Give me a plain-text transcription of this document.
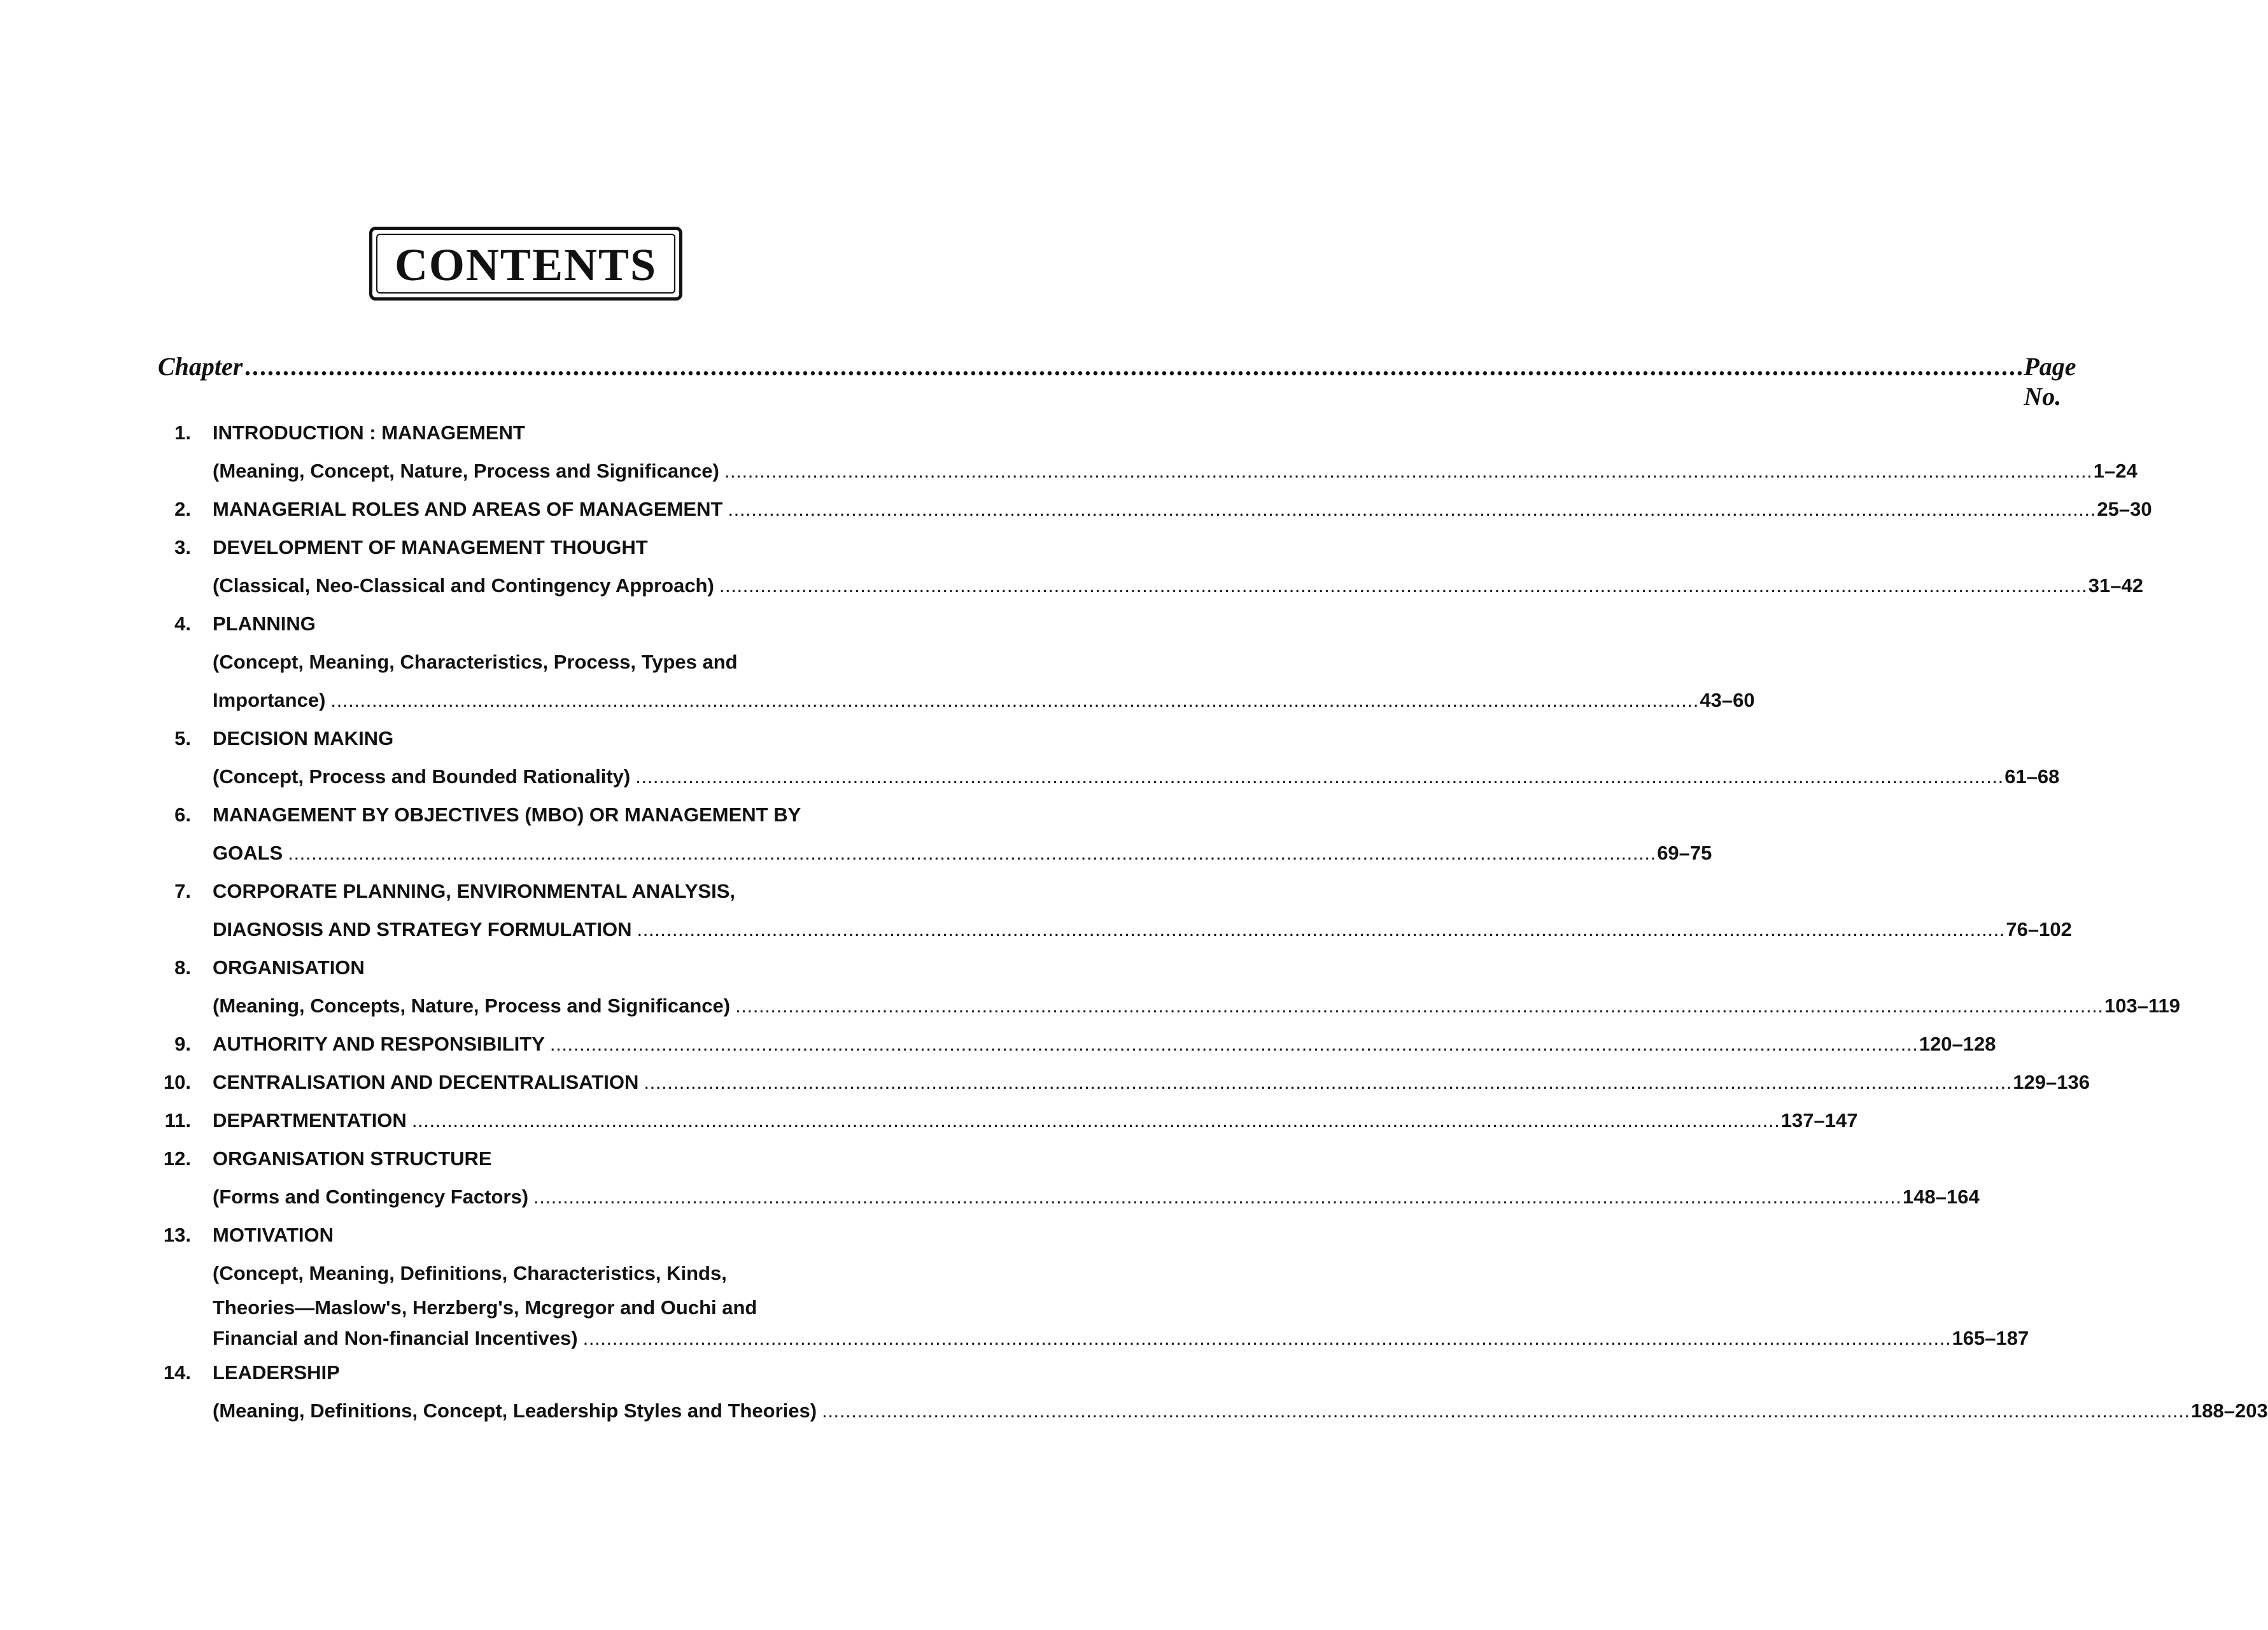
CONTENTS
Chapter . . .	Page No.
1. INTRODUCTION : MANAGEMENT
(Meaning, Concept, Nature, Process and Significance) . . .	1–24
2. MANAGERIAL ROLES AND AREAS OF MANAGEMENT . . .	25–30
3. DEVELOPMENT OF MANAGEMENT THOUGHT
(Classical, Neo-Classical and Contingency Approach) . . .	31–42
4. PLANNING
(Concept, Meaning, Characteristics, Process, Types and
Importance) . . .	43–60
5. DECISION MAKING
(Concept, Process and Bounded Rationality) . . .	61–68
6. MANAGEMENT BY OBJECTIVES (MBO) OR MANAGEMENT BY
GOALS . . .	69–75
7. CORPORATE PLANNING, ENVIRONMENTAL ANALYSIS,
DIAGNOSIS AND STRATEGY FORMULATION . . .	76–102
8. ORGANISATION
(Meaning, Concepts, Nature, Process and Significance) . . .	103–119
9. AUTHORITY AND RESPONSIBILITY . . .	120–128
10. CENTRALISATION AND DECENTRALISATION . . .	129–136
11. DEPARTMENTATION . . .	137–147
12. ORGANISATION STRUCTURE
(Forms and Contingency Factors) . . .	148–164
13. MOTIVATION
(Concept, Meaning, Definitions, Characteristics, Kinds,
Theories—Maslow's, Herzberg's, Mcgregor and Ouchi and
Financial and Non-financial Incentives) . . .	165–187
14. LEADERSHIP
(Meaning, Definitions, Concept, Leadership Styles and Theories) . . .	188–203
